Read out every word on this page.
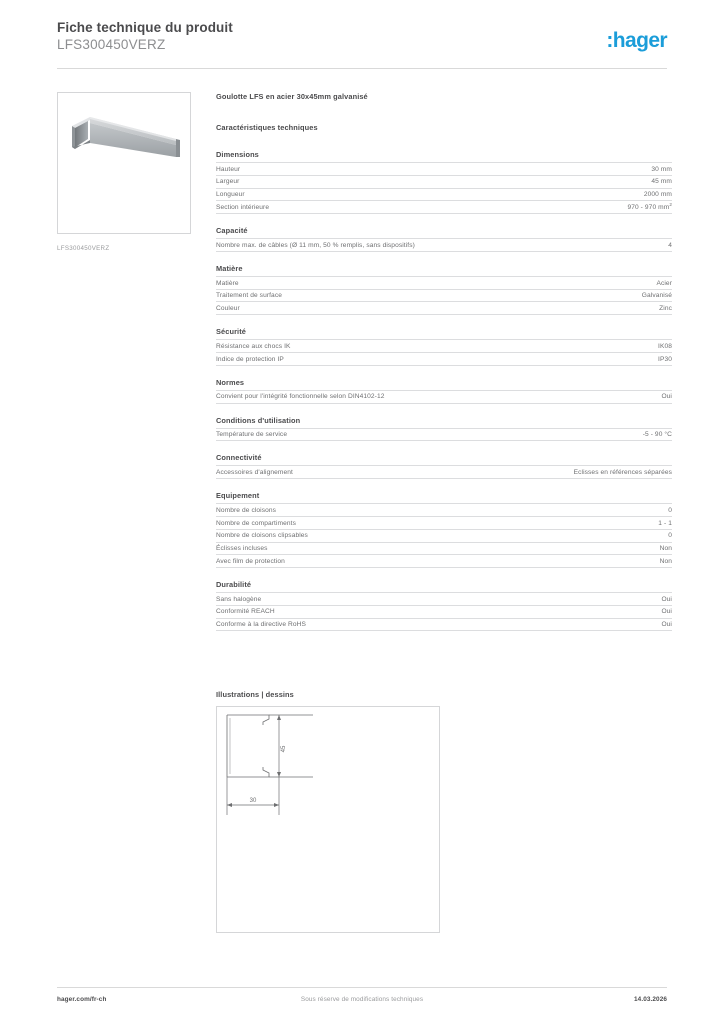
Fiche technique du produit
LFS300450VERZ	:hager
LFS300450VERZ
Goulotte LFS en acier 30x45mm galvanisé
Caractéristiques techniques
Dimensions
Hauteur	30 mm
Largeur	45 mm
Longueur	2000 mm
Section intérieure	970 - 970 $mm^2$
Capacité
Nombre max. de câbles (Ø 11 mm, 50 % remplis, sans dispositifs)	4
Matière
Matière	Acier
Traitement de surface	Galvanisé
Couleur	Zinc
Sécurité
Résistance aux chocs IK	IK08
Indice de protection IP	IP30
Normes
Convient pour l'intégrité fonctionnelle selon DIN4102-12	Oui
Conditions d'utilisation
Température de service	-5 - 90 °C
Connectivité
Accessoires d'alignement	Eclisses en références séparées
Equipement
Nombre de cloisons	0
Nombre de compartiments	1 - 1
Nombre de cloisons clipsables	0
Éclisses incluses	Non
Avec film de protection	Non
Durabilité
Sans halogène	Oui
Conformité REACH	Oui
Conforme à la directive RoHS	Oui
Illustrations | dessins
45
30
hager.com/fr-ch	Sous réserve de modifications techniques	14.03.2026
